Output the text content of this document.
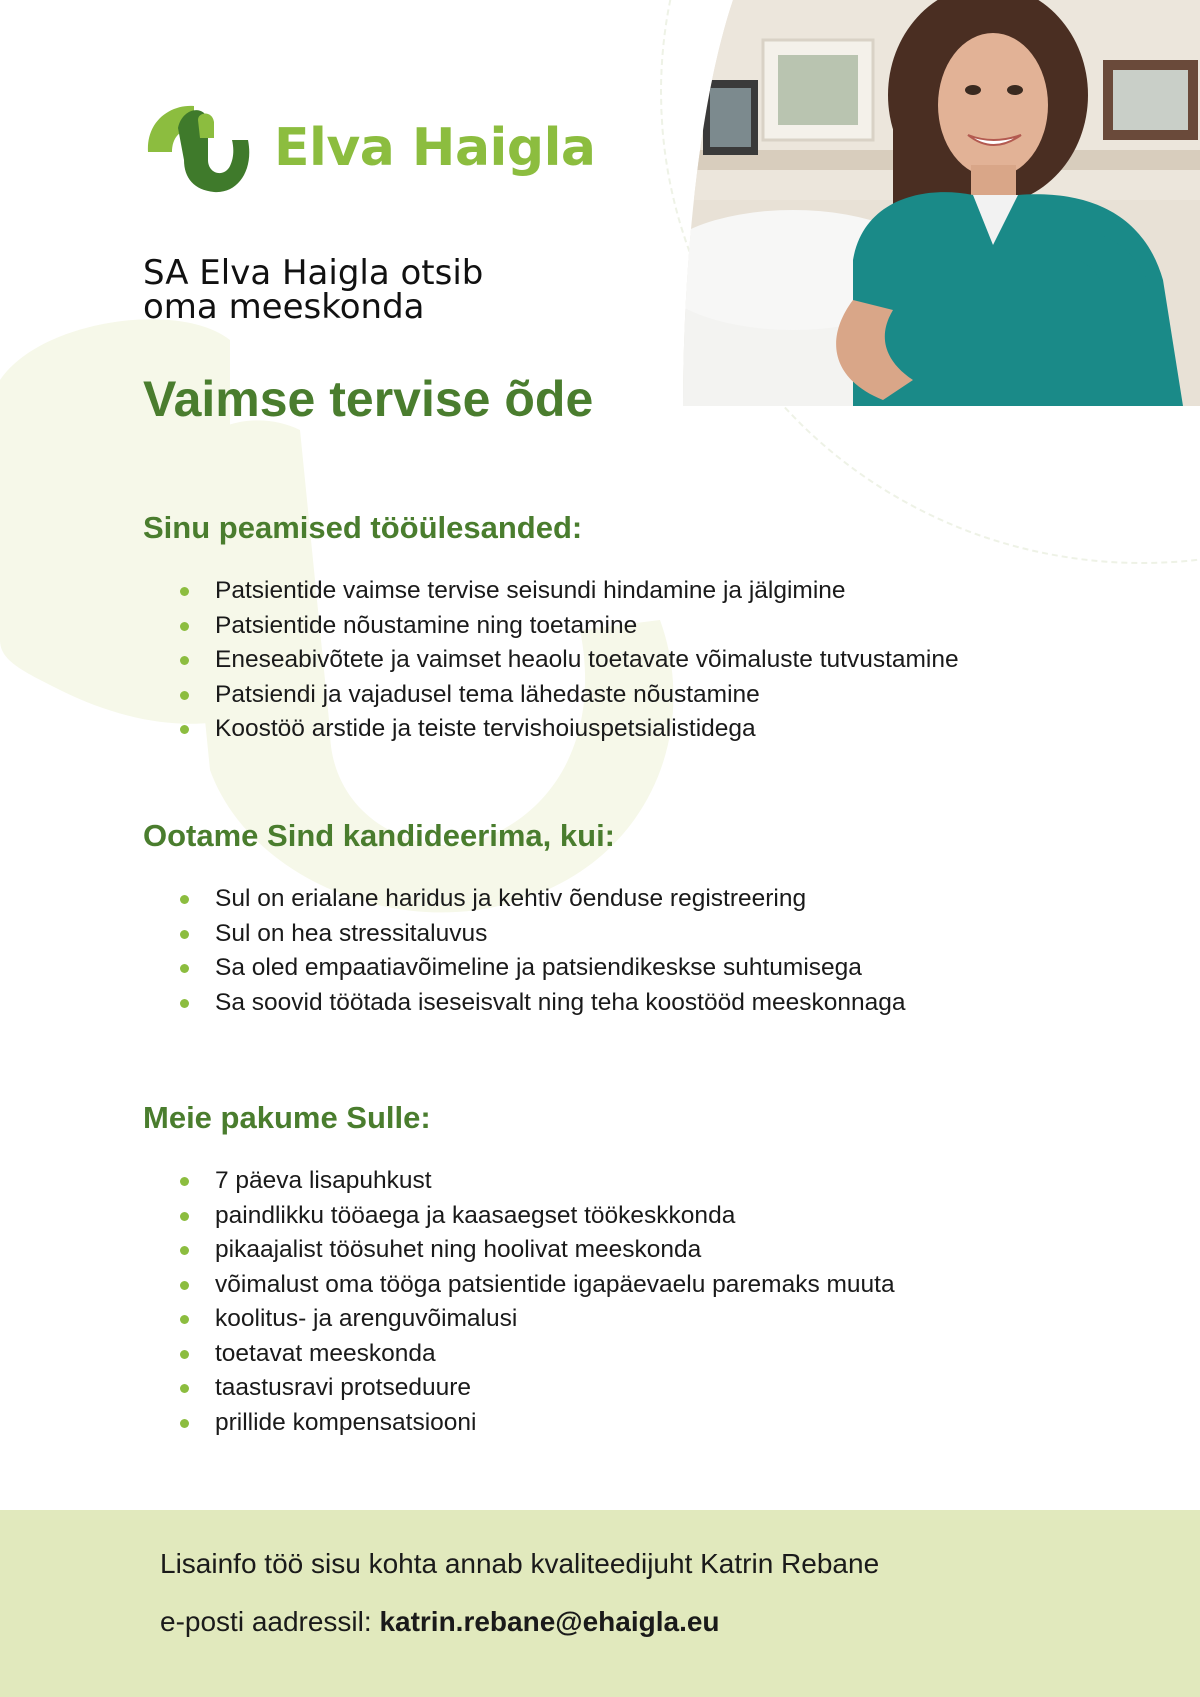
Elva Haigla
SA Elva Haigla otsib
oma meeskonda
Vaimse tervise õde
Sinu peamised tööülesanded:
Patsientide vaimse tervise seisundi hindamine ja jälgimine
Patsientide nõustamine ning toetamine
Eneseabivõtete ja vaimset heaolu toetavate võimaluste tutvustamine
Patsiendi ja vajadusel tema lähedaste nõustamine
Koostöö arstide ja teiste tervishoiuspetsialistidega
Ootame Sind kandideerima, kui:
Sul on erialane haridus ja kehtiv õenduse registreering
Sul on hea stressitaluvus
Sa oled empaatiavõimeline ja patsiendikeskse suhtumisega
Sa soovid töötada iseseisvalt ning teha koostööd meeskonnaga
Meie pakume Sulle:
7 päeva lisapuhkust
paindlikku tööaega ja kaasaegset töökeskkonda
pikaajalist töösuhet ning hoolivat meeskonda
võimalust oma tööga patsientide igapäevaelu paremaks muuta
koolitus- ja arenguvõimalusi
toetavat meeskonda
taastusravi protseduure
prillide kompensatsiooni
Lisainfo töö sisu kohta annab kvaliteedijuht Katrin Rebane
e-posti aadressil: katrin.rebane@ehaigla.eu
